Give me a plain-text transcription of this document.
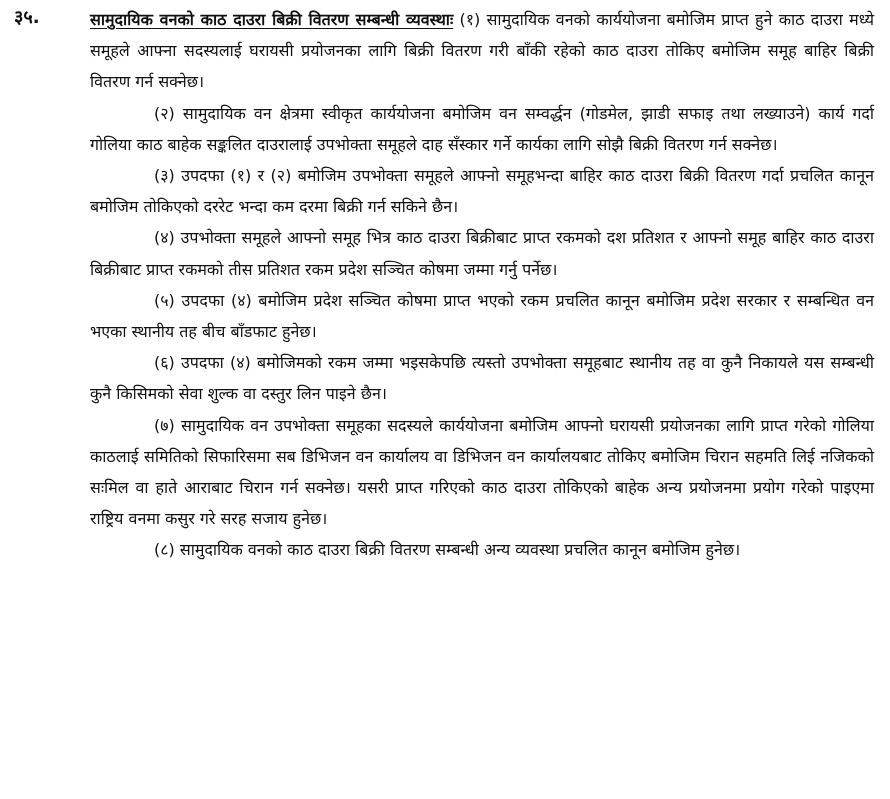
३५.	सामुदायिक वनको काठ दाउरा बिक्री वितरण सम्बन्धी व्यवस्थाः (१) सामुदायिक वनको कार्ययोजना बमोजिम प्राप्त हुने काठ दाउरा मध्ये समूहले आफ्ना सदस्यलाई घरायसी प्रयोजनका लागि बिक्री वितरण गरी बाँकी रहेको काठ दाउरा तोकिए बमोजिम समूह बाहिर बिक्री वितरण गर्न सक्नेछ।

(२) सामुदायिक वन क्षेत्रमा स्वीकृत कार्ययोजना बमोजिम वन सम्वर्द्धन (गोडमेल, झाडी सफाइ तथा लख्याउने) कार्य गर्दा गोलिया काठ बाहेक सङ्कलित दाउरालाई उपभोक्ता समूहले दाह सँस्कार गर्ने कार्यका लागि सोझै बिक्री वितरण गर्न सक्नेछ।

(३) उपदफा (१) र (२) बमोजिम उपभोक्ता समूहले आफ्नो समूहभन्दा बाहिर काठ दाउरा बिक्री वितरण गर्दा प्रचलित कानून बमोजिम तोकिएको दररेट भन्दा कम दरमा बिक्री गर्न सकिने छैन।

(४) उपभोक्ता समूहले आफ्नो समूह भित्र काठ दाउरा बिक्रीबाट प्राप्त रकमको दश प्रतिशत र आफ्नो समूह बाहिर काठ दाउरा बिक्रीबाट प्राप्त रकमको तीस प्रतिशत रकम प्रदेश सञ्चित कोषमा जम्मा गर्नु पर्नेछ।

(५) उपदफा (४) बमोजिम प्रदेश सञ्चित कोषमा प्राप्त भएको रकम प्रचलित कानून बमोजिम प्रदेश सरकार र सम्बन्धित वन भएका स्थानीय तह बीच बाँडफाट हुनेछ।

(६) उपदफा (४) बमोजिमको रकम जम्मा भइसकेपछि त्यस्तो उपभोक्ता समूहबाट स्थानीय तह वा कुनै निकायले यस सम्बन्धी कुनै किसिमको सेवा शुल्क वा दस्तुर लिन पाइने छैन।

(७) सामुदायिक वन उपभोक्ता समूहका सदस्यले कार्ययोजना बमोजिम आफ्नो घरायसी प्रयोजनका लागि प्राप्त गरेको गोलिया काठलाई समितिको सिफारिसमा सब डिभिजन वन कार्यालय वा डिभिजन वन कार्यालयबाट तोकिए बमोजिम चिरान सहमति लिई नजिकको सःमिल वा हाते आराबाट चिरान गर्न सक्नेछ। यसरी प्राप्त गरिएको काठ दाउरा तोकिएको बाहेक अन्य प्रयोजनमा प्रयोग गरेको पाइएमा राष्ट्रिय वनमा कसुर गरे सरह सजाय हुनेछ।

(८) सामुदायिक वनको काठ दाउरा बिक्री वितरण सम्बन्धी अन्य व्यवस्था प्रचलित कानून बमोजिम हुनेछ।
